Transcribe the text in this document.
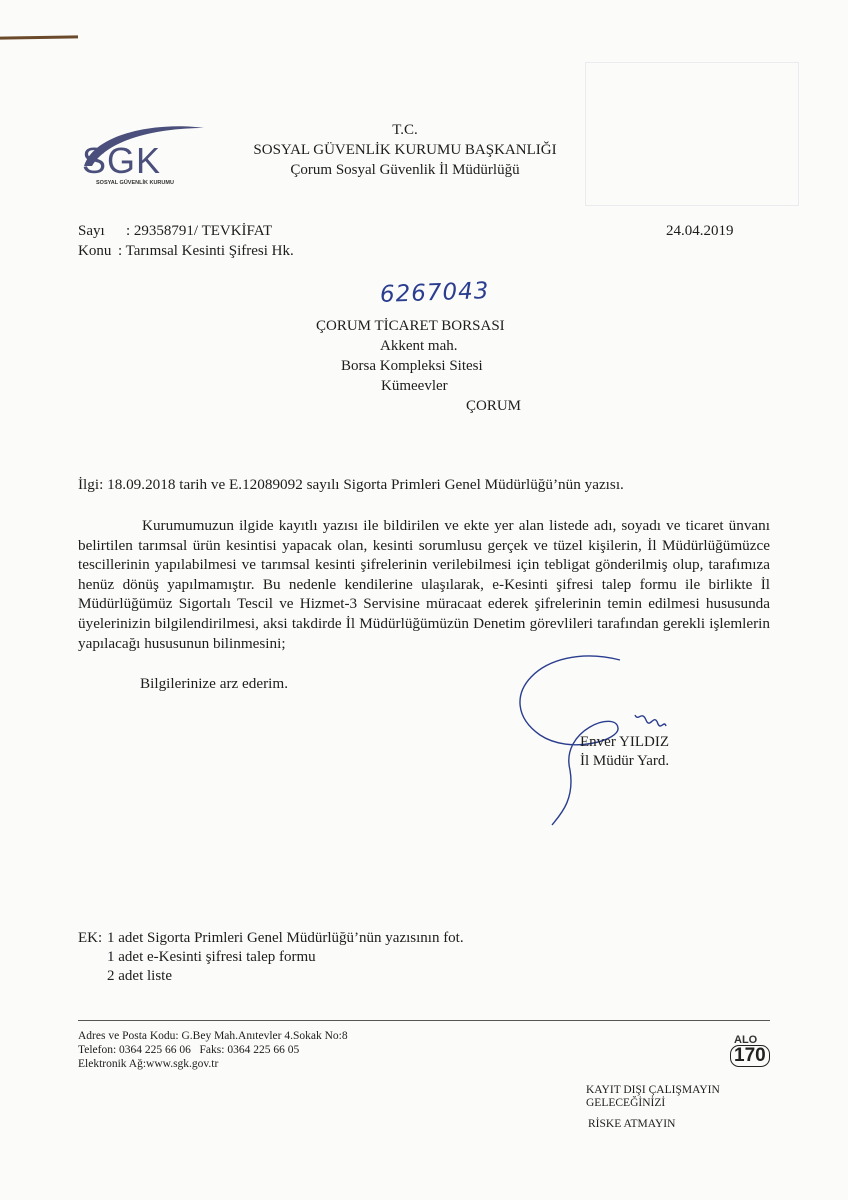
SGK
SOSYAL GÜVENLİK KURUMU
T.C.
SOSYAL GÜVENLİK KURUMU BAŞKANLIĞI
Çorum Sosyal Güvenlik İl Müdürlüğü
Sayı : 29358791/ TEVKİFAT
Konu : Tarımsal Kesinti Şifresi Hk.
24.04.2019
6267043
ÇORUM TİCARET BORSASI
Akkent mah.
Borsa Kompleksi Sitesi
Kümeevler
ÇORUM
İlgi: 18.09.2018 tarih ve E.12089092 sayılı Sigorta Primleri Genel Müdürlüğü’nün yazısı.
Kurumumuzun ilgide kayıtlı yazısı ile bildirilen ve ekte yer alan listede adı, soyadı ve ticaret ünvanı belirtilen tarımsal ürün kesintisi yapacak olan, kesinti sorumlusu gerçek ve tüzel kişilerin, İl Müdürlüğümüzce tescillerinin yapılabilmesi ve tarımsal kesinti şifrelerinin verilebilmesi için tebligat gönderilmiş olup, tarafımıza henüz dönüş yapılmamıştır. Bu nedenle kendilerine ulaşılarak, e-Kesinti şifresi talep formu ile birlikte İl Müdürlüğümüz Sigortalı Tescil ve Hizmet-3 Servisine müracaat ederek şifrelerinin temin edilmesi hususunda üyelerinizin bilgilendirilmesi, aksi takdirde İl Müdürlüğümüzün Denetim görevlileri tarafından gerekli işlemlerin yapılacağı hususunun bilinmesini;
Bilgilerinize arz ederim.
Enver YILDIZ
İl Müdür Yard.
EK: 1 adet Sigorta Primleri Genel Müdürlüğü’nün yazısının fot.
1 adet e-Kesinti şifresi talep formu
2 adet liste
Adres ve Posta Kodu: G.Bey Mah.Anıtevler 4.Sokak No:8
Telefon: 0364 225 66 06   Faks: 0364 225 66 05
Elektronik Ağ:www.sgk.gov.tr
ALO
170
KAYIT DIŞI ÇALIŞMAYIN
GELECEĞİNİZİ
RİSKE ATMAYIN
